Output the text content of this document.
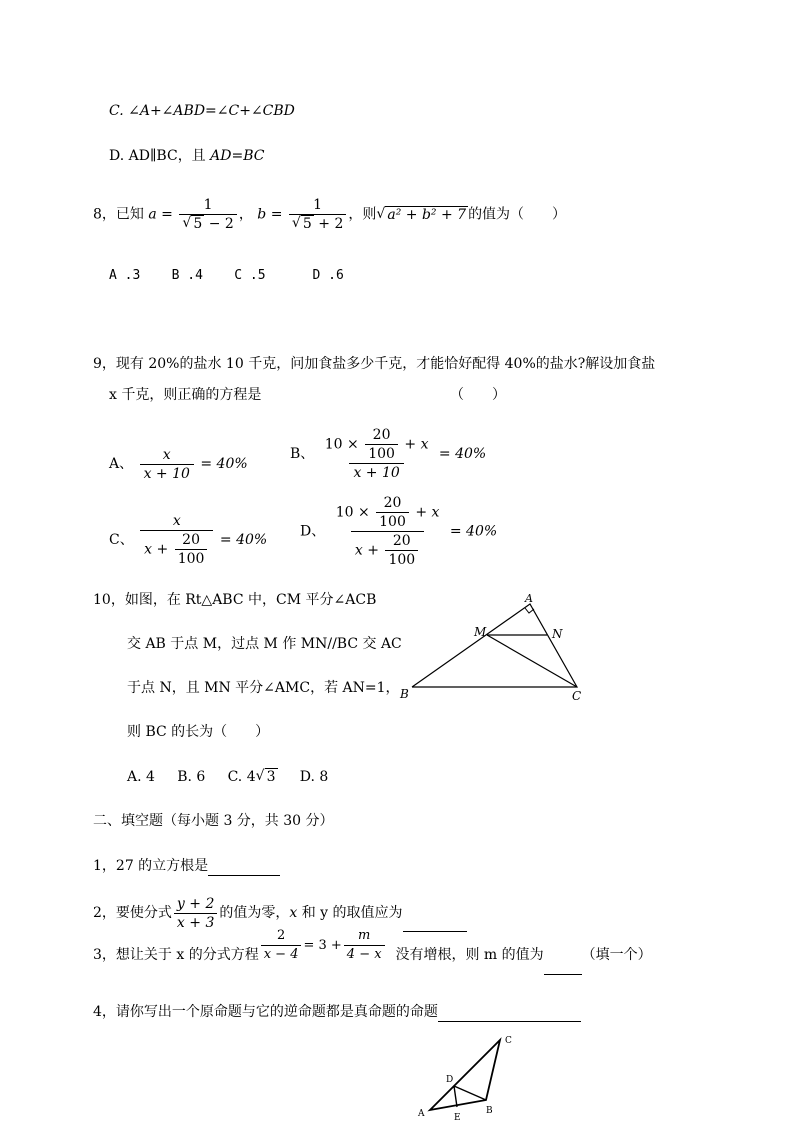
C. ∠A+∠ABD=∠C+∠CBD
D. AD∥BC，且 AD=BC
8，已知 $a = \frac{1}{√ 5 - 2}$ ， $b = \frac{1}{√ 5 + 2}$ ，则 √ a² + b² + 7 的值为（　　）
A .3 B .4 C .5	D .6
9，现有 20%的盐水 10 千克，问加食盐多少千克，才能恰好配得 40%的盐水?解设加食盐
x 千克，则正确的方程是	（　　）
A、 $\frac{x}{x + 10} = 40\%$
B、 $\frac{10 \times \frac{20}{100} + x}{x + 10} = 40\%$
C、 $\frac{x}{x + \frac{20}{100}} = 40\%$
D、 $\frac{10 \times \frac{20}{100} + x}{x + \frac{20}{100}} = 40\%$
10，如图，在 Rt△ABC 中，CM 平分∠ACB
交 AB 于点 M，过点 M 作 MN//BC 交 AC
于点 N，且 MN 平分∠AMC，若 AN=1，
则 BC 的长为（　　）
A. 4 B. 6 C. 4 √ 3 D. 8
A
M	N
B	C
二、填空题（每小题 3 分，共 30 分）
1，27 的立方根是
2，要使分式 $\frac{y + 2}{x + 3}$ 的值为零，x 和 y 的取值应为
3，想让关于 x 的分式方程 $\frac{2}{x - 4} = 3 + \frac{m}{4 - x}$ 没有增根，则 m 的值为	（填一个）
4，请你写出一个原命题与它的逆命题都是真命题的命题
A	B
C
D
E
